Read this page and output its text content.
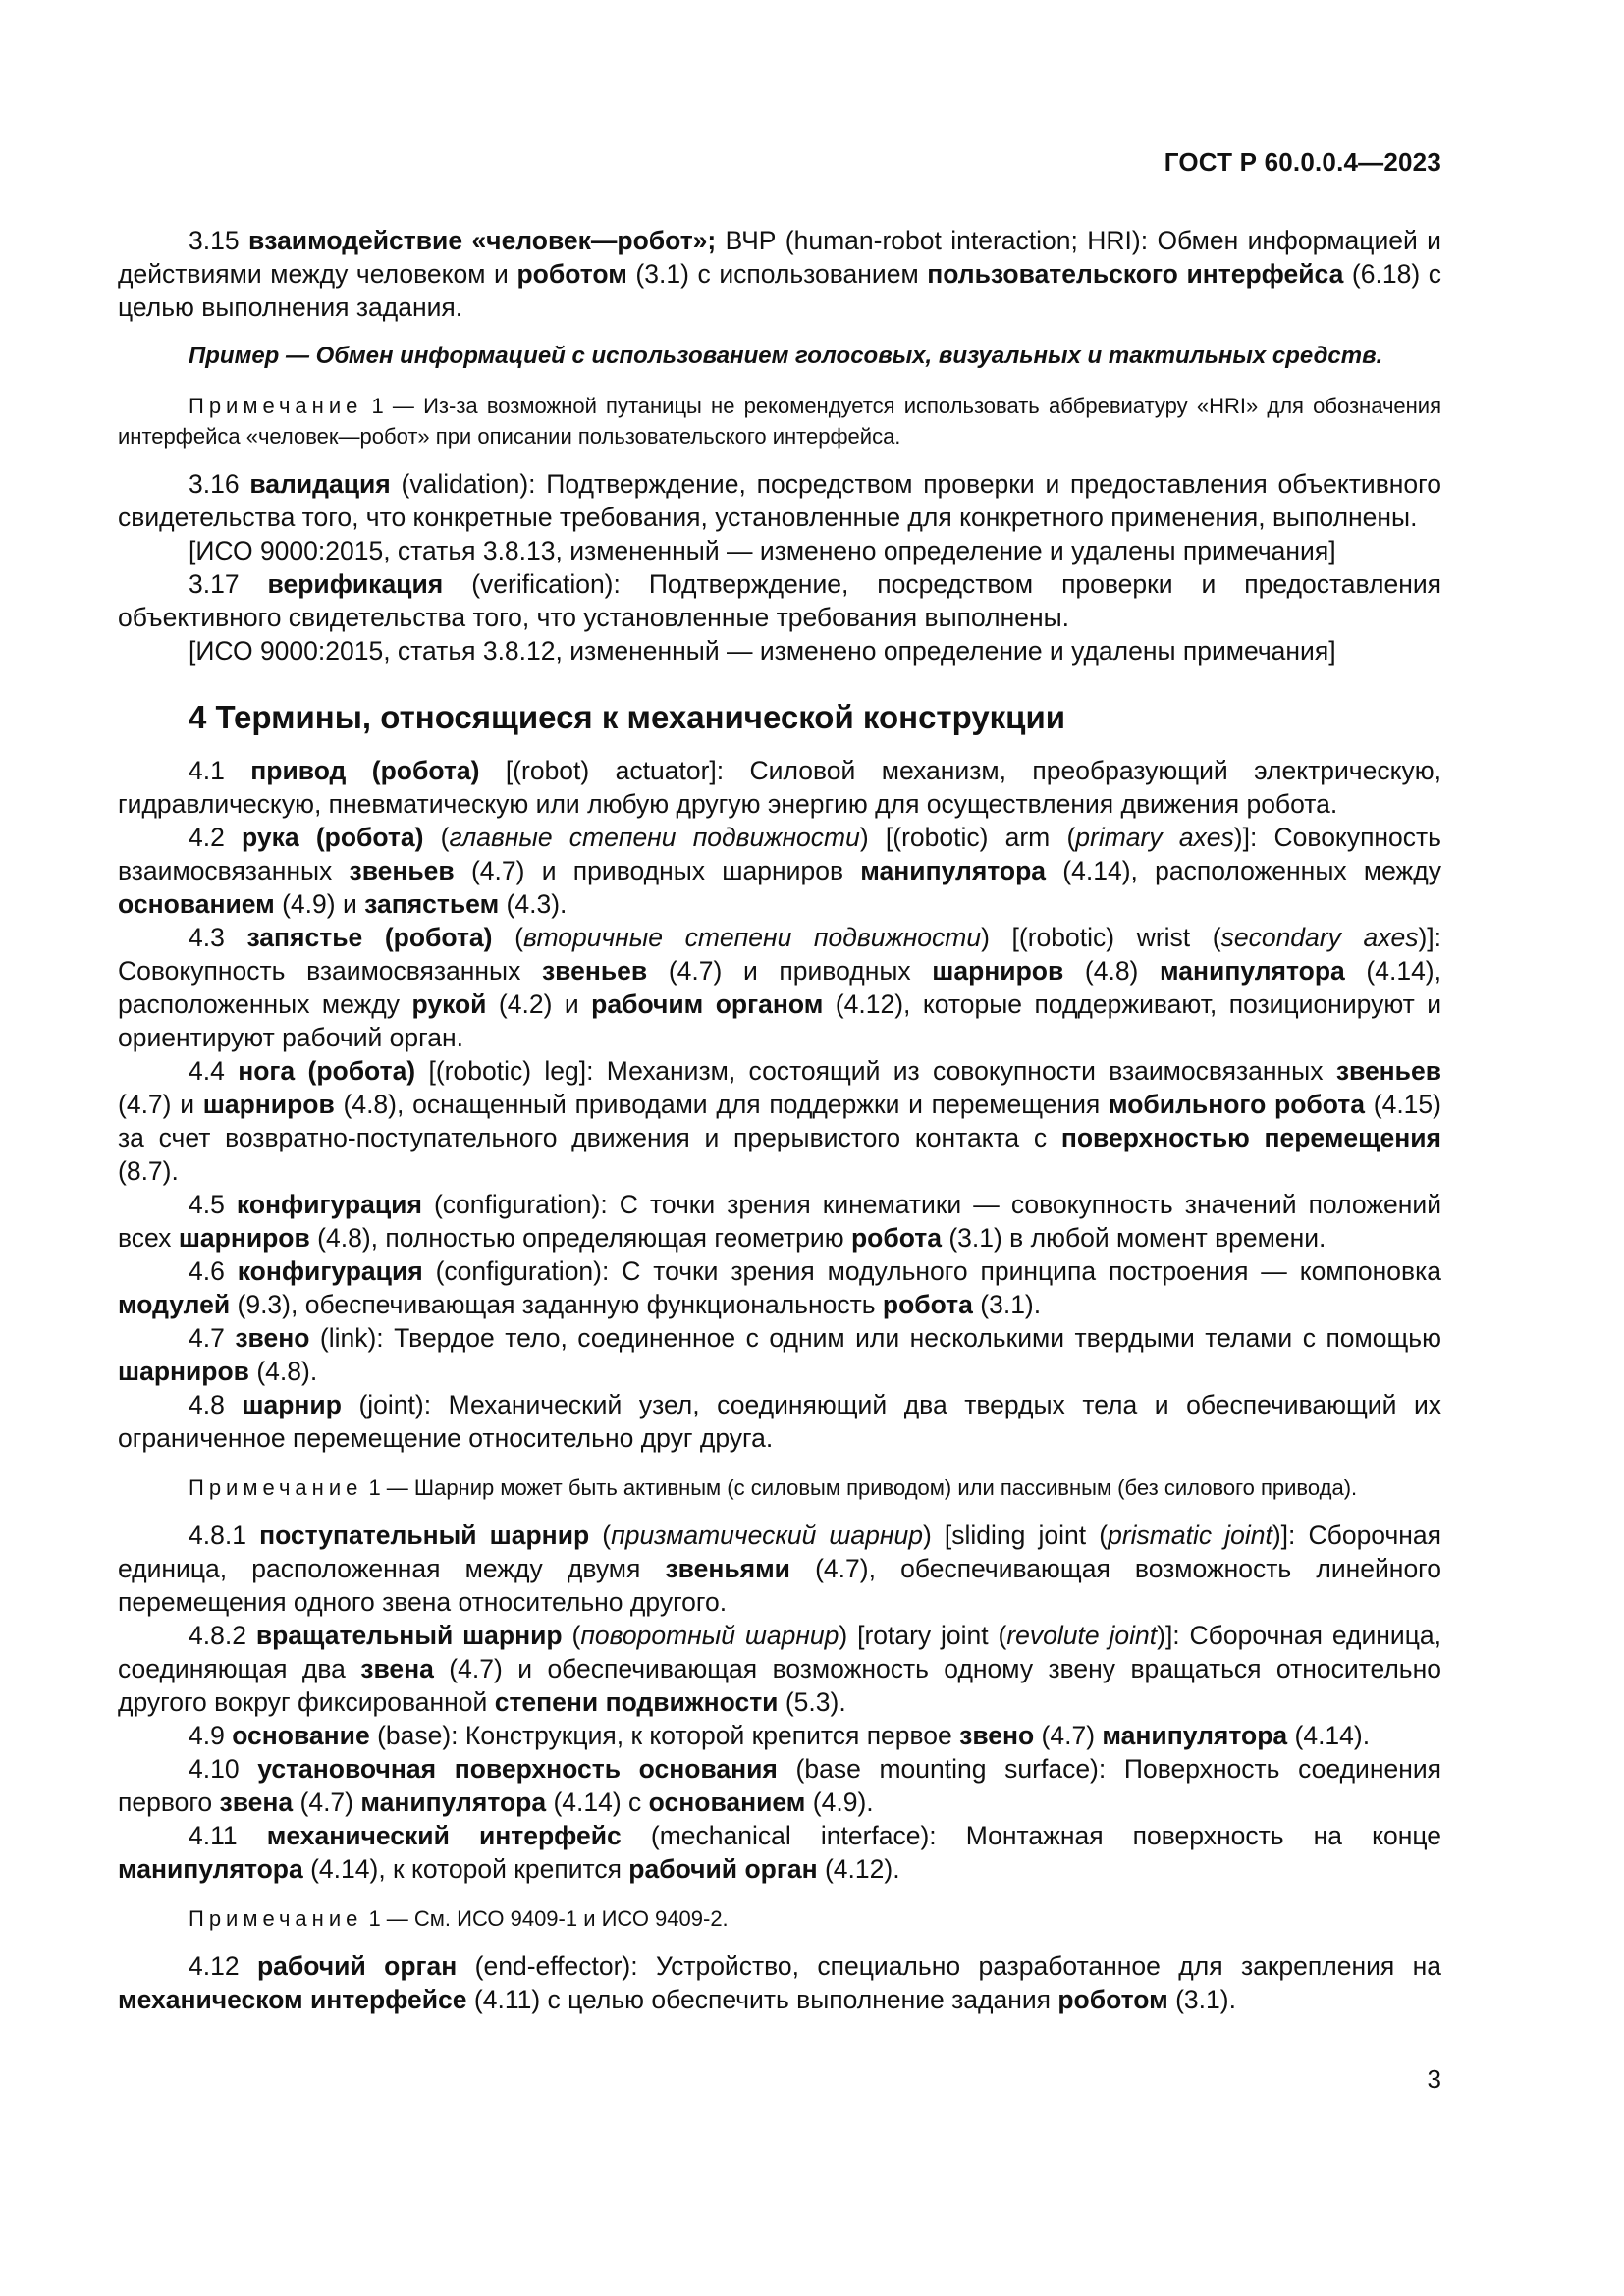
ГОСТ Р 60.0.0.4—2023

3.15 взаимодействие «человек—робот»; ВЧР (human-robot interaction; HRI): Обмен информацией и действиями между человеком и роботом (3.1) с использованием пользовательского интерфейса (6.18) с целью выполнения задания.

Пример — Обмен информацией с использованием голосовых, визуальных и тактильных средств.

Примечание 1 — Из-за возможной путаницы не рекомендуется использовать аббревиатуру «HRI» для обозначения интерфейса «человек—робот» при описании пользовательского интерфейса.

3.16 валидация (validation): Подтверждение, посредством проверки и предоставления объективного свидетельства того, что конкретные требования, установленные для конкретного применения, выполнены.

[ИСО 9000:2015, статья 3.8.13, измененный — изменено определение и удалены примечания]

3.17 верификация (verification): Подтверждение, посредством проверки и предоставления объективного свидетельства того, что установленные требования выполнены.

[ИСО 9000:2015, статья 3.8.12, измененный — изменено определение и удалены примечания]

4 Термины, относящиеся к механической конструкции

4.1 привод (робота) [(robot) actuator]: Силовой механизм, преобразующий электрическую, гидравлическую, пневматическую или любую другую энергию для осуществления движения робота.

4.2 рука (робота) (главные степени подвижности) [(robotic) arm (primary axes)]: Совокупность взаимосвязанных звеньев (4.7) и приводных шарниров манипулятора (4.14), расположенных между основанием (4.9) и запястьем (4.3).

4.3 запястье (робота) (вторичные степени подвижности) [(robotic) wrist (secondary axes)]: Совокупность взаимосвязанных звеньев (4.7) и приводных шарниров (4.8) манипулятора (4.14), расположенных между рукой (4.2) и рабочим органом (4.12), которые поддерживают, позиционируют и ориентируют рабочий орган.

4.4 нога (робота) [(robotic) leg]: Механизм, состоящий из совокупности взаимосвязанных звеньев (4.7) и шарниров (4.8), оснащенный приводами для поддержки и перемещения мобильного робота (4.15) за счет возвратно-поступательного движения и прерывистого контакта с поверхностью перемещения (8.7).

4.5 конфигурация (configuration): С точки зрения кинематики — совокупность значений положений всех шарниров (4.8), полностью определяющая геометрию робота (3.1) в любой момент времени.

4.6 конфигурация (configuration): С точки зрения модульного принципа построения — компоновка модулей (9.3), обеспечивающая заданную функциональность робота (3.1).

4.7 звено (link): Твердое тело, соединенное с одним или несколькими твердыми телами с помощью шарниров (4.8).

4.8 шарнир (joint): Механический узел, соединяющий два твердых тела и обеспечивающий их ограниченное перемещение относительно друг друга.

Примечание 1 — Шарнир может быть активным (с силовым приводом) или пассивным (без силового привода).

4.8.1 поступательный шарнир (призматический шарнир) [sliding joint (prismatic joint)]: Сборочная единица, расположенная между двумя звеньями (4.7), обеспечивающая возможность линейного перемещения одного звена относительно другого.

4.8.2 вращательный шарнир (поворотный шарнир) [rotary joint (revolute joint)]: Сборочная единица, соединяющая два звена (4.7) и обеспечивающая возможность одному звену вращаться относительно другого вокруг фиксированной степени подвижности (5.3).

4.9 основание (base): Конструкция, к которой крепится первое звено (4.7) манипулятора (4.14).

4.10 установочная поверхность основания (base mounting surface): Поверхность соединения первого звена (4.7) манипулятора (4.14) с основанием (4.9).

4.11 механический интерфейс (mechanical interface): Монтажная поверхность на конце манипулятора (4.14), к которой крепится рабочий орган (4.12).

Примечание 1 — См. ИСО 9409-1 и ИСО 9409-2.

4.12 рабочий орган (end-effector): Устройство, специально разработанное для закрепления на механическом интерфейсе (4.11) с целью обеспечить выполнение задания роботом (3.1).

3
